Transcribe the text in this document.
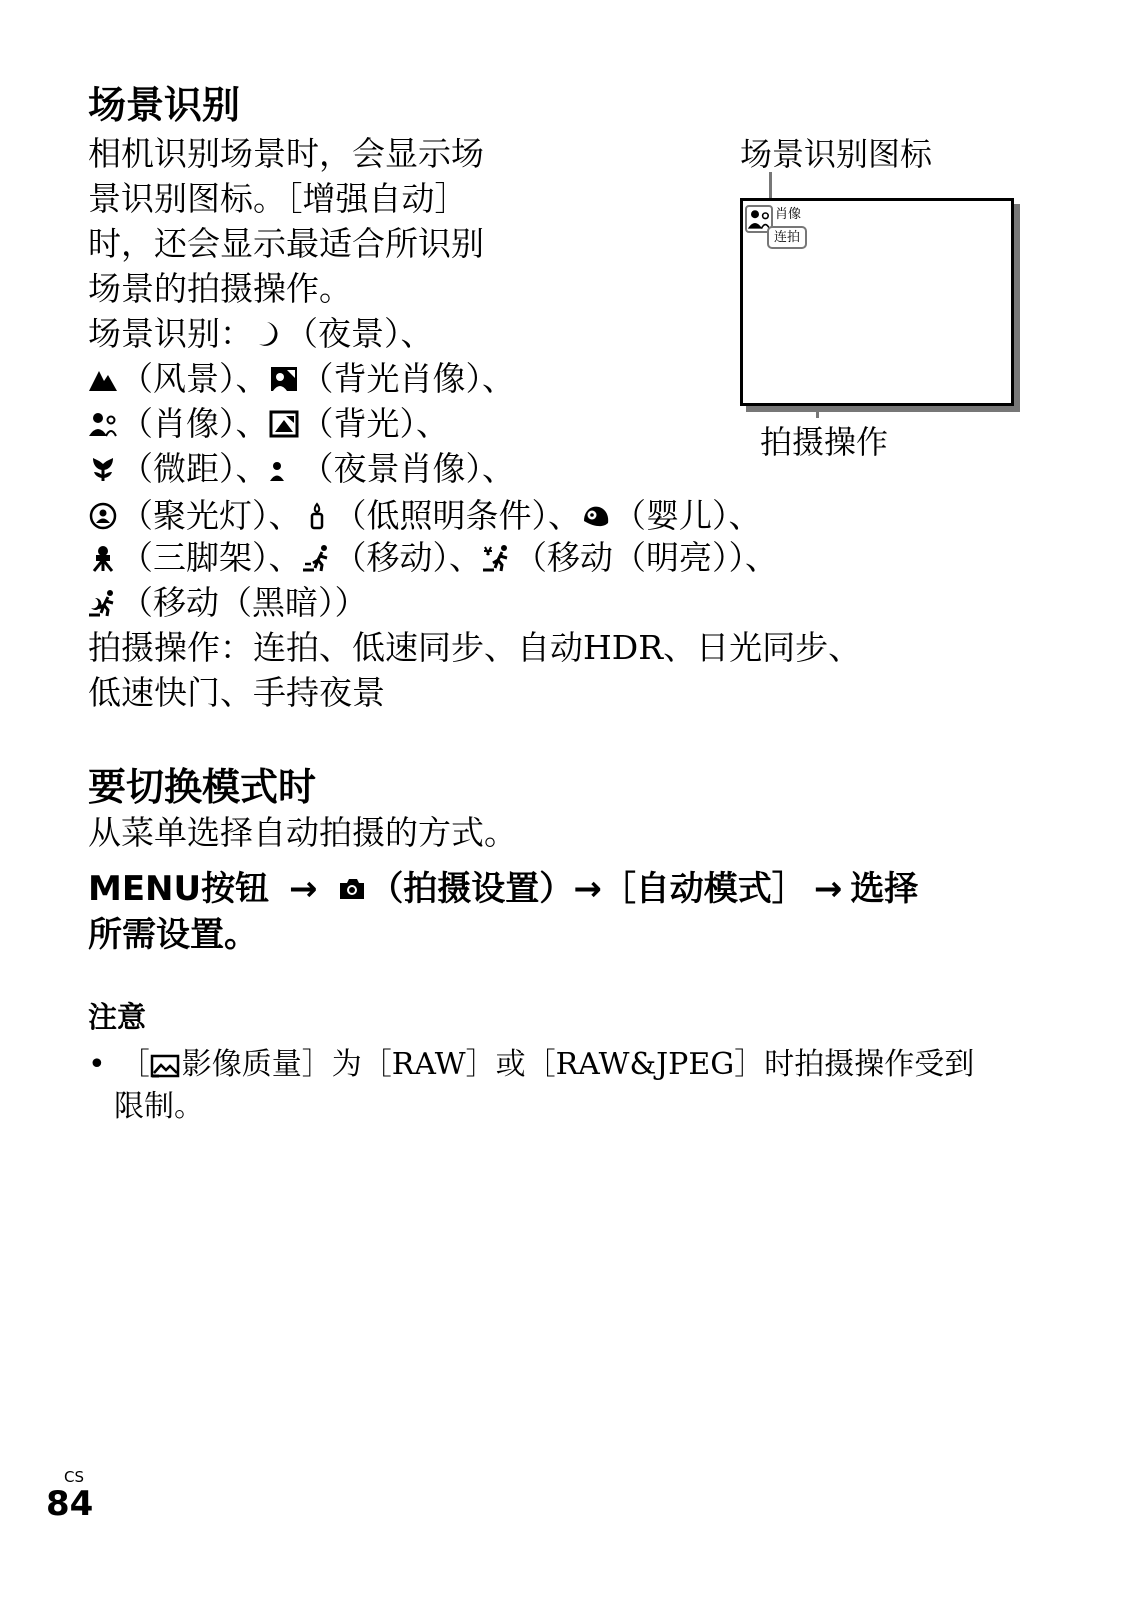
场景识别
相机识别场景时，会显示场
景识别图标。［增强自动］
时，还会显示最适合所识别
场景的拍摄操作。
场景识别： （夜景）、
（风景）、 （背光肖像）、
（肖像）、 （背光）、
（微距）、 （夜景肖像）、
（聚光灯）、 （低照明条件）、 （婴儿）、
（三脚架）、 （移动）、 （移动（明亮））、
（移动（黑暗））
拍摄操作：连拍、低速同步、自动HDR、日光同步、
低速快门、手持夜景
场景识别图标
肖像
连拍
拍摄操作
要切换模式时
从菜单选择自动拍摄的方式。
MENU按钮 → （拍摄设置）→［自动模式］ → 选择
所需设置。
注意
• ［ 影像质量］为［RAW］或［RAW&JPEG］时拍摄操作受到
限制。
CS
84
